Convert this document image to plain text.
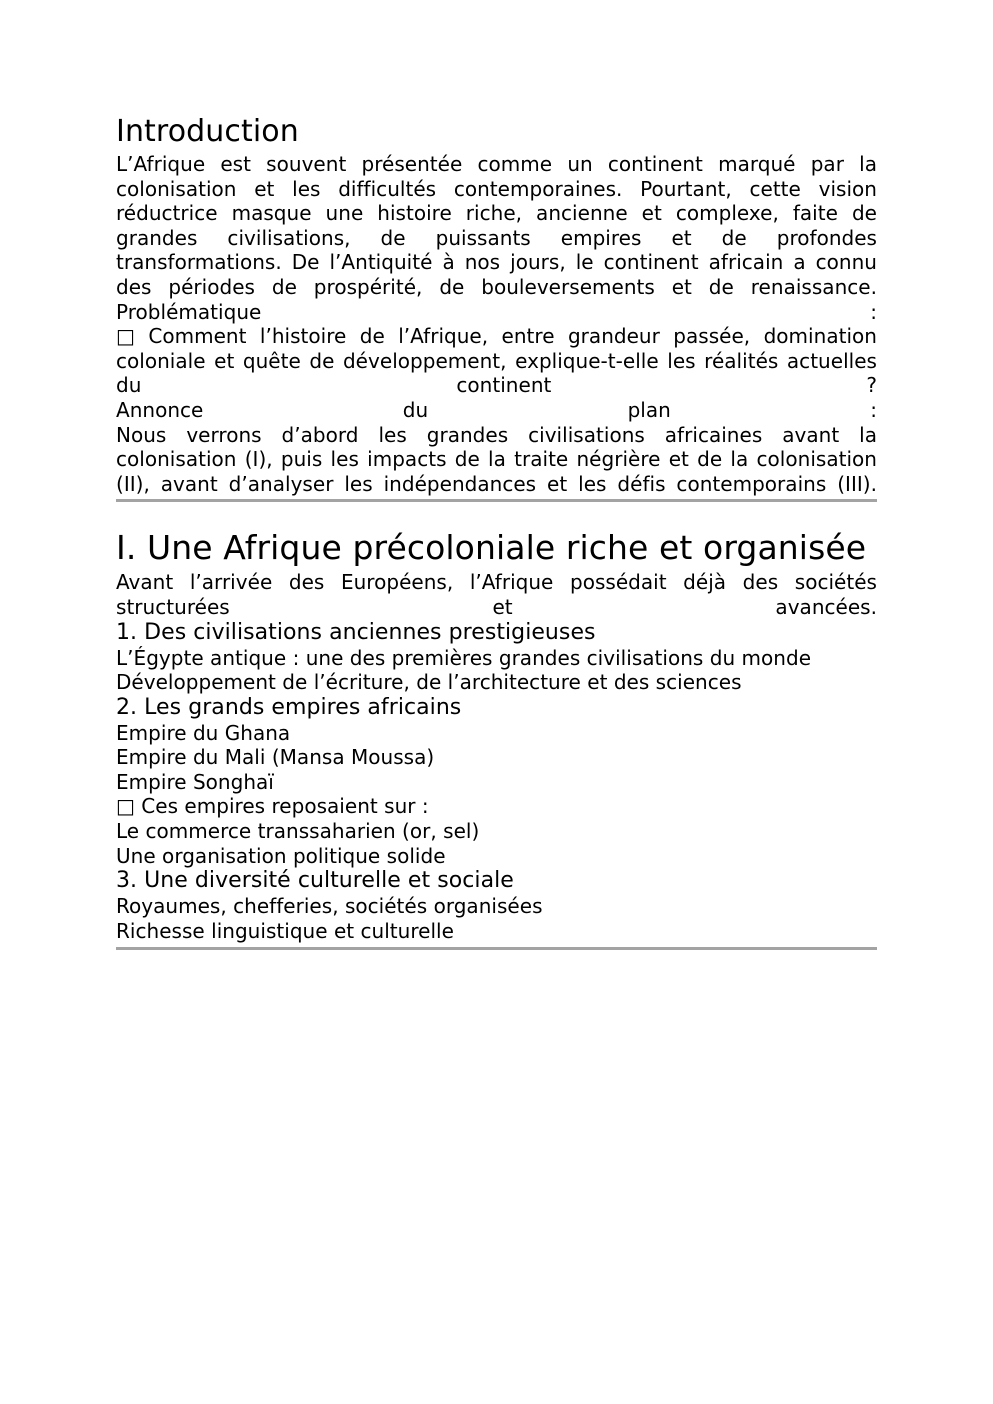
Introduction

L’Afrique est souvent présentée comme un continent marqué par la colonisation et les difficultés contemporaines. Pourtant, cette vision réductrice masque une histoire riche, ancienne et complexe, faite de grandes civilisations, de puissants empires et de profondes transformations. De l’Antiquité à nos jours, le continent africain a connu des périodes de prospérité, de bouleversements et de renaissance.

Problématique	:

□ Comment l’histoire de l’Afrique, entre grandeur passée, domination coloniale et quête de développement, explique-t-elle les réalités actuelles du continent ?

Annonce	du	plan	:

Nous verrons d’abord les grandes civilisations africaines avant la colonisation (I), puis les impacts de la traite négrière et de la colonisation (II), avant d’analyser les indépendances et les défis contemporains (III).

I. Une Afrique précoloniale riche et organisée

Avant l’arrivée des Européens, l’Afrique possédait déjà des sociétés structurées et avancées.

1. Des civilisations anciennes prestigieuses

L’Égypte antique : une des premières grandes civilisations du monde

Développement de l’écriture, de l’architecture et des sciences

2. Les grands empires africains

Empire du Ghana

Empire du Mali (Mansa Moussa)

Empire Songhaï

□ Ces empires reposaient sur :

Le commerce transsaharien (or, sel)

Une organisation politique solide

3. Une diversité culturelle et sociale

Royaumes, chefferies, sociétés organisées

Richesse linguistique et culturelle
